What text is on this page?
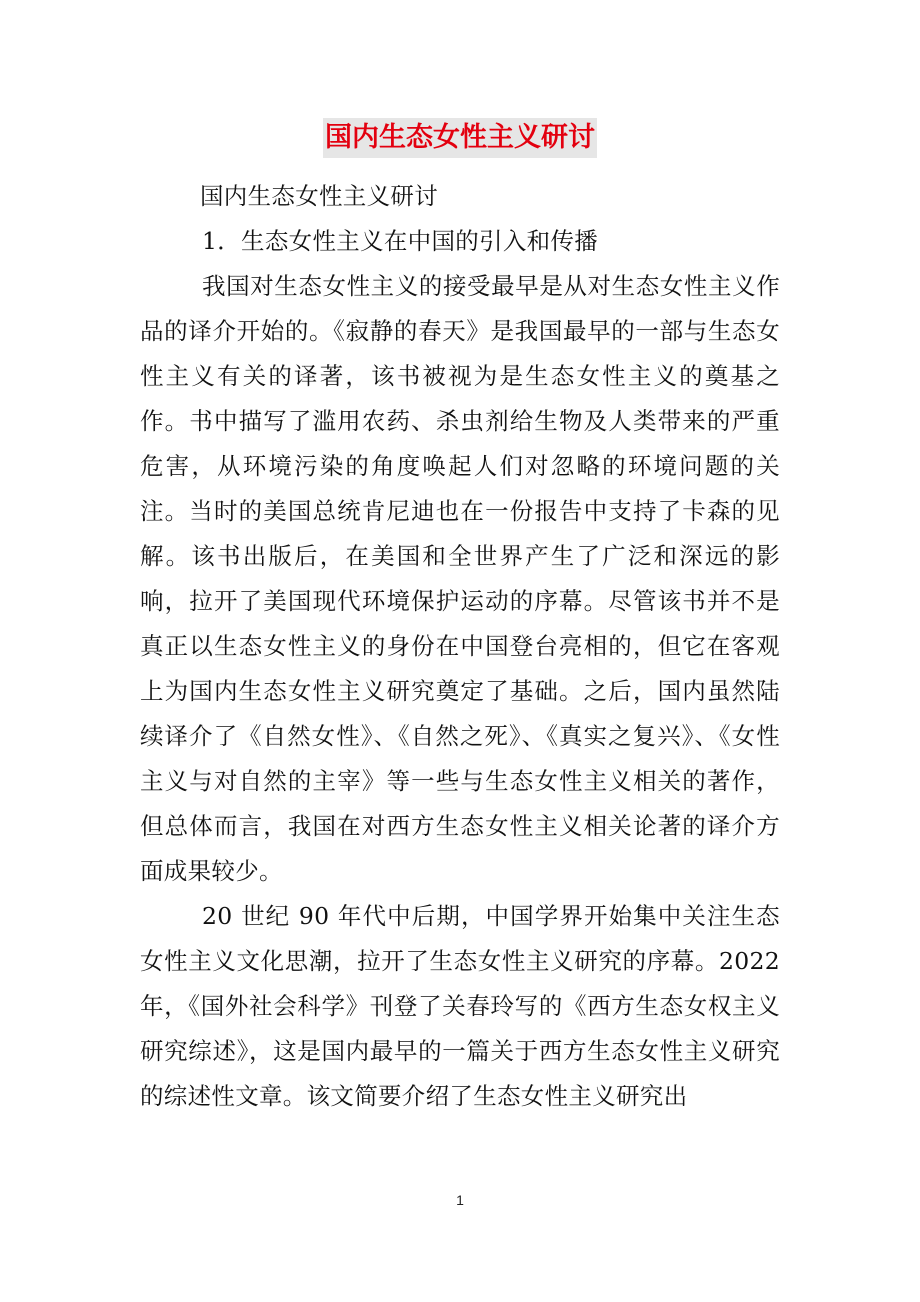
国内生态女性主义研讨

国内生态女性主义研讨

1．生态女性主义在中国的引入和传播

我国对生态女性主义的接受最早是从对生态女性主义作品的译介开始的。《寂静的春天》是我国最早的一部与生态女性主义有关的译著，该书被视为是生态女性主义的奠基之作。书中描写了滥用农药、杀虫剂给生物及人类带来的严重危害，从环境污染的角度唤起人们对忽略的环境问题的关注。当时的美国总统肯尼迪也在一份报告中支持了卡森的见解。该书出版后，在美国和全世界产生了广泛和深远的影响，拉开了美国现代环境保护运动的序幕。尽管该书并不是真正以生态女性主义的身份在中国登台亮相的，但它在客观上为国内生态女性主义研究奠定了基础。之后，国内虽然陆续译介了《自然女性》、《自然之死》、《真实之复兴》、《女性主义与对自然的主宰》等一些与生态女性主义相关的著作，但总体而言，我国在对西方生态女性主义相关论著的译介方面成果较少。

20 世纪 90 年代中后期，中国学界开始集中关注生态女性主义文化思潮，拉开了生态女性主义研究的序幕。2022 年，《国外社会科学》刊登了关春玲写的《西方生态女权主义研究综述》，这是国内最早的一篇关于西方生态女性主义研究的综述性文章。该文简要介绍了生态女性主义研究出

1
